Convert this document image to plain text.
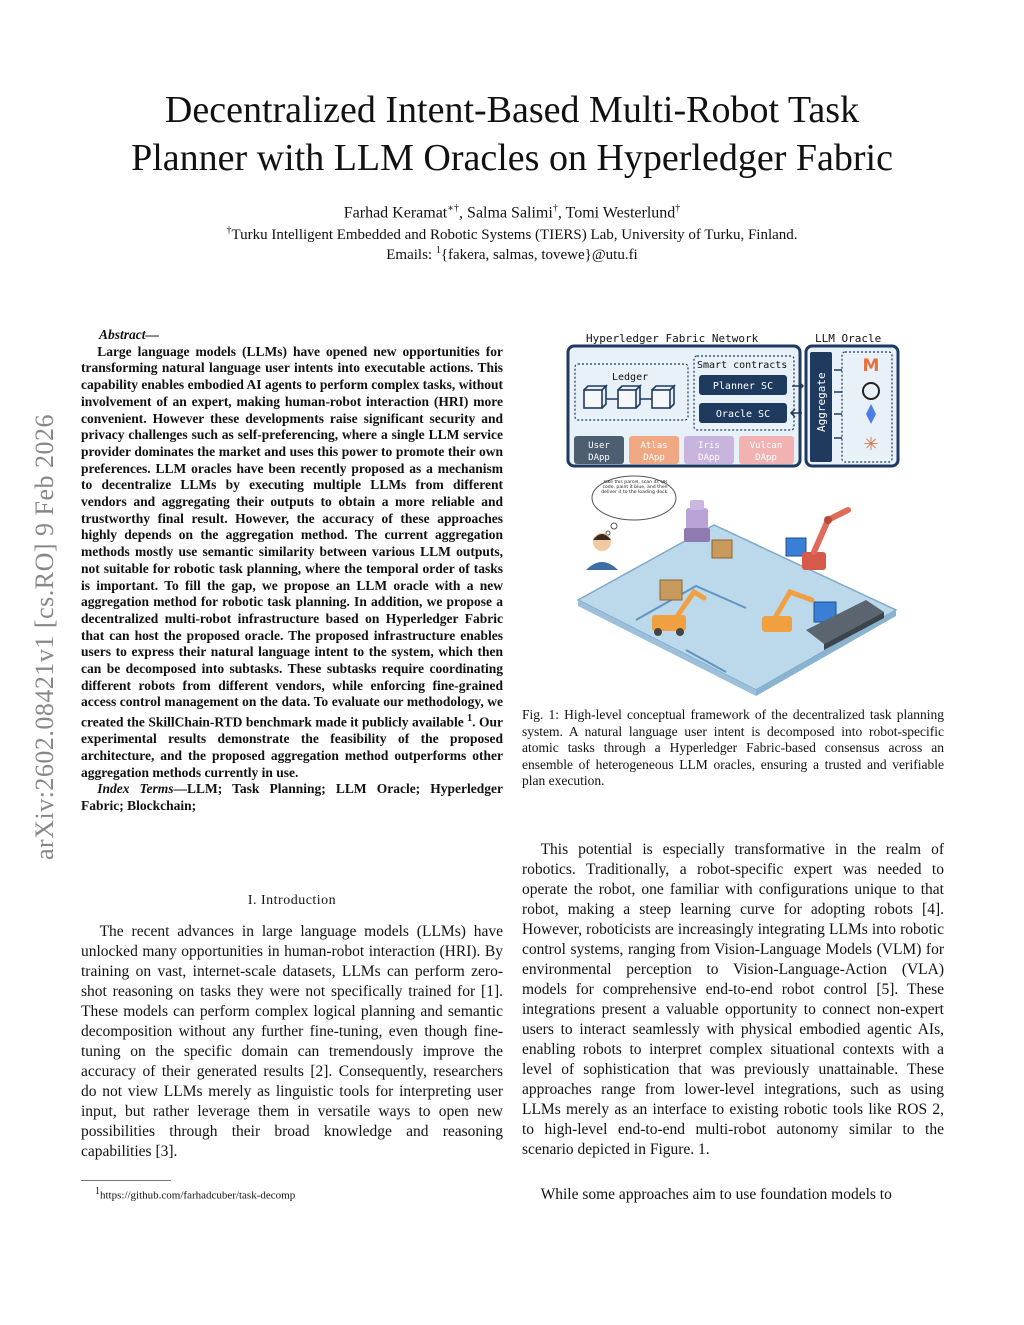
arXiv:2602.08421v1 [cs.RO] 9 Feb 2026
Decentralized Intent-Based Multi-Robot Task
Planner with LLM Oracles on Hyperledger Fabric
Farhad Keramat∗†, Salma Salimi†, Tomi Westerlund†
†Turku Intelligent Embedded and Robotic Systems (TIERS) Lab, University of Turku, Finland.
Emails: $^1${fakera, salmas, tovewe}@utu.fi
Abstract—
Large language models (LLMs) have opened new opportunities for transforming natural language user intents into executable actions. This capability enables embodied AI agents to perform complex tasks, without involvement of an expert, making human-robot interaction (HRI) more convenient. However these developments raise significant security and privacy challenges such as self-preferencing, where a single LLM service provider dominates the market and uses this power to promote their own preferences. LLM oracles have been recently proposed as a mechanism to decentralize LLMs by executing multiple LLMs from different vendors and aggregating their outputs to obtain a more reliable and trustworthy final result. However, the accuracy of these approaches highly depends on the aggregation method. The current aggregation methods mostly use semantic similarity between various LLM outputs, not suitable for robotic task planning, where the temporal order of tasks is important. To fill the gap, we propose an LLM oracle with a new aggregation method for robotic task planning. In addition, we propose a decentralized multi-robot infrastructure based on Hyperledger Fabric that can host the proposed oracle. The proposed infrastructure enables users to express their natural language intent to the system, which then can be decomposed into subtasks. These subtasks require coordinating different robots from different vendors, while enforcing fine-grained access control management on the data. To evaluate our methodology, we created the SkillChain-RTD benchmark made it publicly available $^1$. Our experimental results demonstrate the feasibility of the proposed architecture, and the proposed aggregation method outperforms other aggregation methods currently in use.
Index Terms—LLM; Task Planning; LLM Oracle; Hyperledger Fabric; Blockchain;
I. Introduction
The recent advances in large language models (LLMs) have unlocked many opportunities in human-robot interaction (HRI). By training on vast, internet-scale datasets, LLMs can perform zero-shot reasoning on tasks they were not specifically trained for [1]. These models can perform complex logical planning and semantic decomposition without any further fine-tuning, even though fine-tuning on the specific domain can tremendously improve the accuracy of their generated results [2]. Consequently, researchers do not view LLMs merely as linguistic tools for interpreting user input, but rather leverage them in versatile ways to open new possibilities through their broad knowledge and reasoning capabilities [3].
$^1$https://github.com/farhadcuber/task-decomp
Hyperledger Fabric Network	LLM Oracle
Ledger
Smart contracts
Planner SC
Oracle SC
User
DApp
Atlas
DApp
Iris
DApp
Vulcan
DApp
Aggregate
M
✳
Take this parcel, scan its QR code, paint it blue, and then deliver it to the loading dock.
Fig. 1: High-level conceptual framework of the decentralized task planning system. A natural language user intent is decomposed into robot-specific atomic tasks through a Hyperledger Fabric-based consensus across an ensemble of heterogeneous LLM oracles, ensuring a trusted and verifiable plan execution.
This potential is especially transformative in the realm of robotics. Traditionally, a robot-specific expert was needed to operate the robot, one familiar with configurations unique to that robot, making a steep learning curve for adopting robots [4]. However, roboticists are increasingly integrating LLMs into robotic control systems, ranging from Vision-Language Models (VLM) for environmental perception to Vision-Language-Action (VLA) models for comprehensive end-to-end robot control [5]. These integrations present a valuable opportunity to connect non-expert users to interact seamlessly with physical embodied agentic AIs, enabling robots to interpret complex situational contexts with a level of sophistication that was previously unattainable. These approaches range from lower-level integrations, such as using LLMs merely as an interface to existing robotic tools like ROS 2, to high-level end-to-end multi-robot autonomy similar to the scenario depicted in Figure. 1.
While some approaches aim to use foundation models to
